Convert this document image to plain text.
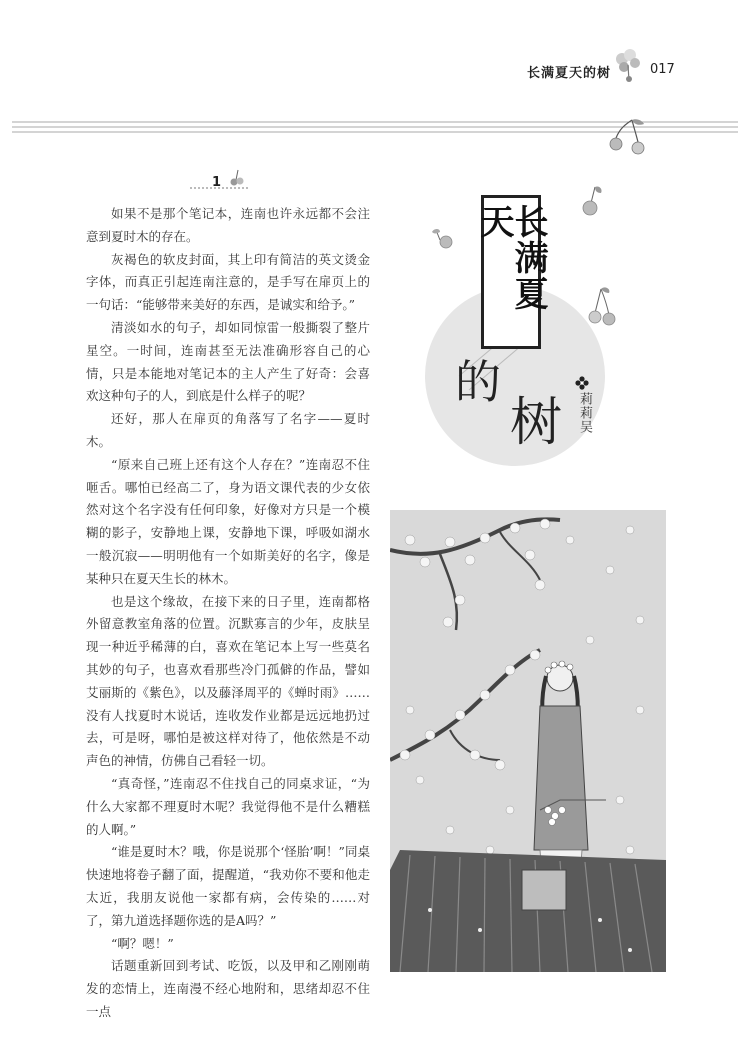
长满夏天的树	017
1

如果不是那个笔记本，连南也许永远都不会注意到夏时木的存在。

灰褐色的软皮封面，其上印有简洁的英文烫金字体，而真正引起连南注意的，是手写在扉页上的一句话：“能够带来美好的东西，是诚实和给予。”

清淡如水的句子，却如同惊雷一般撕裂了整片星空。一时间，连南甚至无法准确形容自己的心情，只是本能地对笔记本的主人产生了好奇：会喜欢这种句子的人，到底是什么样子的呢？

还好，那人在扉页的角落写了名字——夏时木。

“原来自己班上还有这个人存在？”连南忍不住咂舌。哪怕已经高二了，身为语文课代表的少女依然对这个名字没有任何印象，好像对方只是一个模糊的影子，安静地上课，安静地下课，呼吸如湖水一般沉寂——明明他有一个如斯美好的名字，像是某种只在夏天生长的林木。

也是这个缘故，在接下来的日子里，连南都格外留意教室角落的位置。沉默寡言的少年，皮肤呈现一种近乎稀薄的白，喜欢在笔记本上写一些莫名其妙的句子，也喜欢看那些冷门孤僻的作品，譬如艾丽斯的《紫色》，以及藤泽周平的《蝉时雨》……没有人找夏时木说话，连收发作业都是远远地扔过去，可是呀，哪怕是被这样对待了，他依然是不动声色的神情，仿佛自己看轻一切。

“真奇怪，”连南忍不住找自己的同桌求证，“为什么大家都不理夏时木呢？我觉得他不是什么糟糕的人啊。”

“谁是夏时木？哦，你是说那个‘怪胎’啊！”同桌快速地将卷子翻了面，提醒道，“我劝你不要和他走太近，我朋友说他一家都有病，会传染的……对了，第九道选择题你选的是A吗？”

“啊？嗯！”

话题重新回到考试、吃饭，以及甲和乙刚刚萌发的恋情上，连南漫不经心地附和，思绪却忍不住一点

长满夏天
的
树 莉莉吴
